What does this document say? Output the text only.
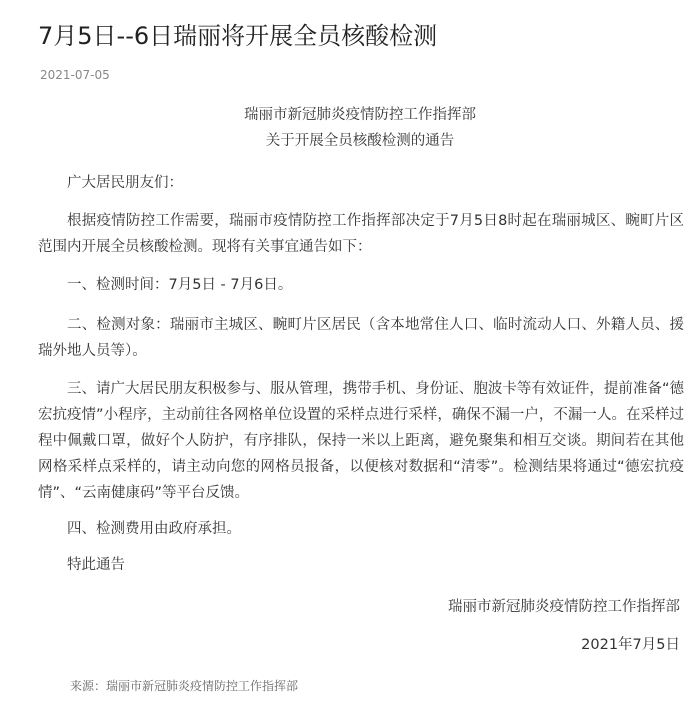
7月5日--6日瑞丽将开展全员核酸检测
2021-07-05
瑞丽市新冠肺炎疫情防控工作指挥部
关于开展全员核酸检测的通告

广大居民朋友们：

根据疫情防控工作需要，瑞丽市疫情防控工作指挥部决定于7月5日8时起在瑞丽城区、畹町片区范围内开展全员核酸检测。现将有关事宜通告如下：

一、检测时间：7月5日 - 7月6日。

二、检测对象：瑞丽市主城区、畹町片区居民（含本地常住人口、临时流动人口、外籍人员、援瑞外地人员等）。

三、请广大居民朋友积极参与、服从管理，携带手机、身份证、胞波卡等有效证件，提前准备“德宏抗疫情”小程序，主动前往各网格单位设置的采样点进行采样，确保不漏一户，不漏一人。在采样过程中佩戴口罩，做好个人防护，有序排队，保持一米以上距离，避免聚集和相互交谈。期间若在其他网格采样点采样的，请主动向您的网格员报备，以便核对数据和“清零”。检测结果将通过“德宏抗疫情”、“云南健康码”等平台反馈。

四、检测费用由政府承担。

特此通告

瑞丽市新冠肺炎疫情防控工作指挥部
2021年7月5日
来源：瑞丽市新冠肺炎疫情防控工作指挥部
